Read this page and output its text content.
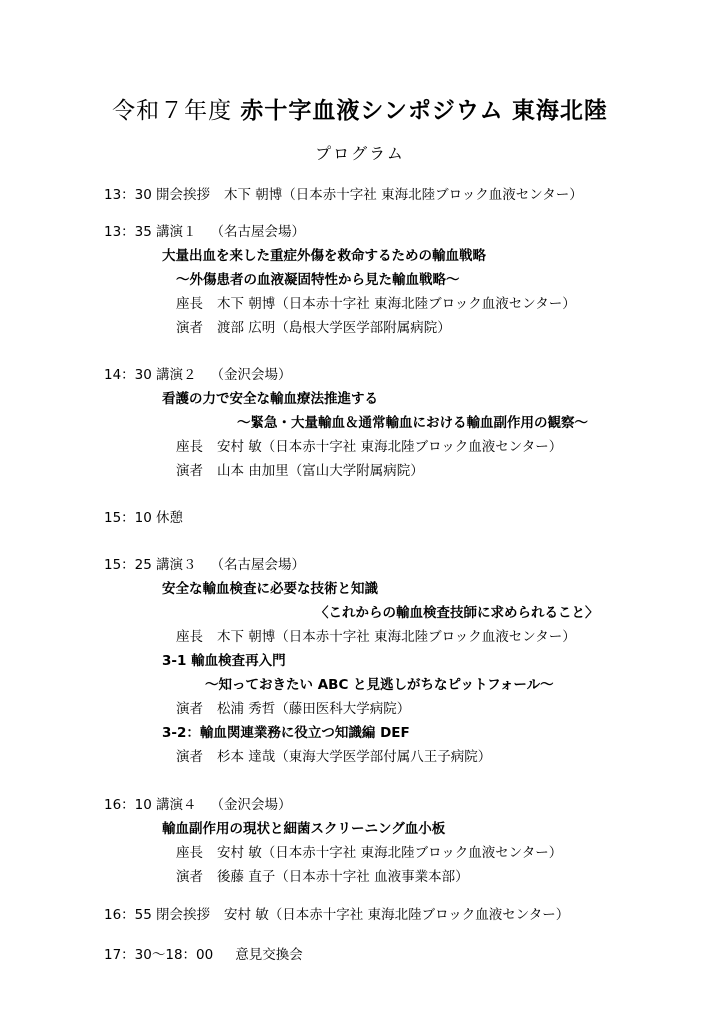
令和７年度 赤十字血液シンポジウム 東海北陸
プログラム
13：30 開会挨拶 木下 朝博（日本赤十字社 東海北陸ブロック血液センター）
13：35 講演１ （名古屋会場）
大量出血を来した重症外傷を救命するための輸血戦略
～外傷患者の血液凝固特性から見た輸血戦略～
座長 木下 朝博（日本赤十字社 東海北陸ブロック血液センター）
演者 渡部 広明（島根大学医学部附属病院）
14：30 講演２ （金沢会場）
看護の力で安全な輸血療法推進する
～緊急・大量輸血＆通常輸血における輸血副作用の観察～
座長 安村 敏（日本赤十字社 東海北陸ブロック血液センター）
演者 山本 由加里（富山大学附属病院）
15：10 休憩
15：25 講演３ （名古屋会場）
安全な輸血検査に必要な技術と知識
〈これからの輸血検査技師に求められること〉
座長 木下 朝博（日本赤十字社 東海北陸ブロック血液センター）
3-1 輸血検査再入門
～知っておきたい ABC と見逃しがちなピットフォール～
演者 松浦 秀哲（藤田医科大学病院）
3-2：輸血関連業務に役立つ知識編 DEF
演者 杉本 達哉（東海大学医学部付属八王子病院）
16：10 講演４ （金沢会場）
輸血副作用の現状と細菌スクリーニング血小板
座長 安村 敏（日本赤十字社 東海北陸ブロック血液センター）
演者 後藤 直子（日本赤十字社 血液事業本部）
16：55 閉会挨拶 安村 敏（日本赤十字社 東海北陸ブロック血液センター）
17：30～18：00 意見交換会
